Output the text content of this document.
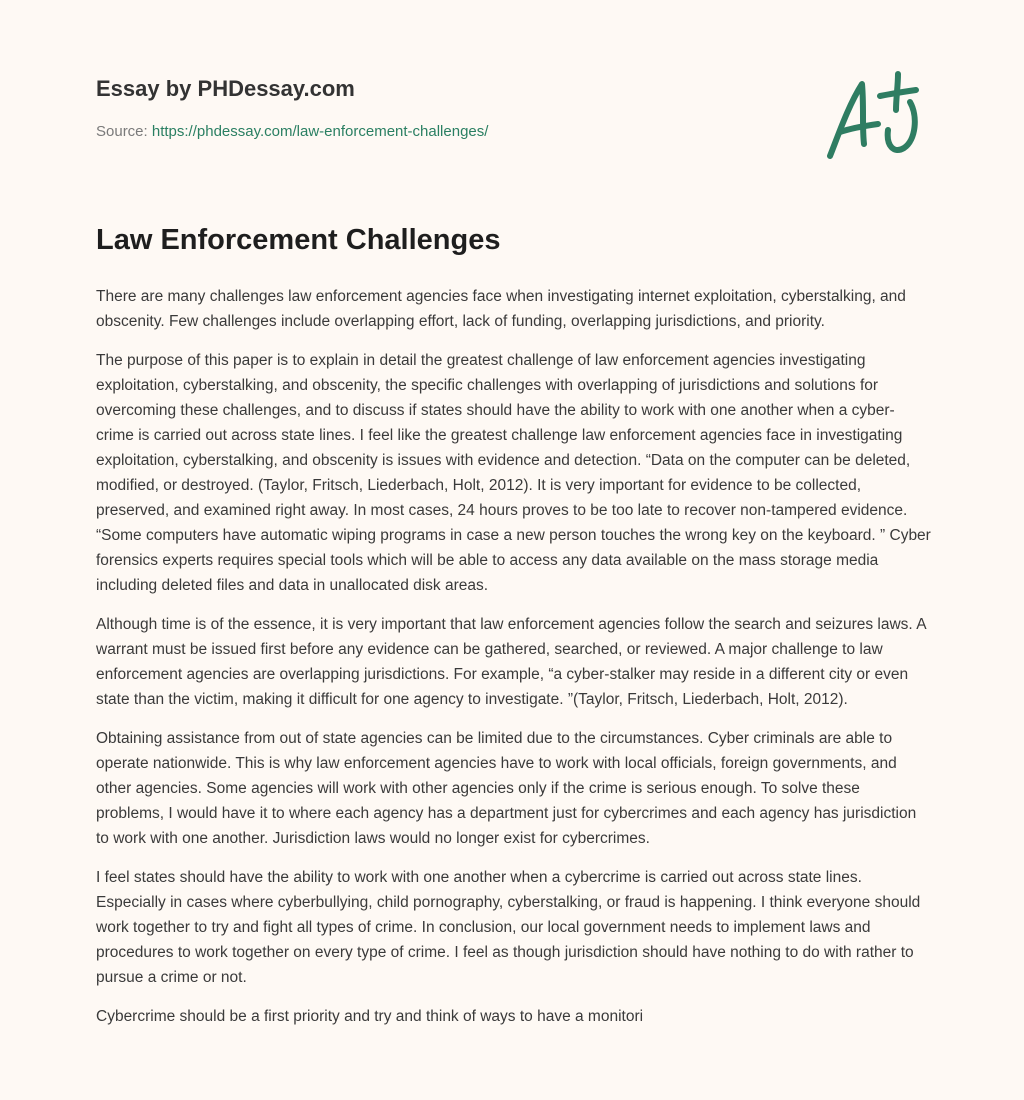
Essay by PHDessay.com
Source: https://phdessay.com/law-enforcement-challenges/
Law Enforcement Challenges

There are many challenges law enforcement agencies face when investigating internet exploitation, cyberstalking, and obscenity. Few challenges include overlapping effort, lack of funding, overlapping jurisdictions, and priority.

The purpose of this paper is to explain in detail the greatest challenge of law enforcement agencies investigating exploitation, cyberstalking, and obscenity, the specific challenges with overlapping of jurisdictions and solutions for overcoming these challenges, and to discuss if states should have the ability to work with one another when a cyber- crime is carried out across state lines. I feel like the greatest challenge law enforcement agencies face in investigating exploitation, cyberstalking, and obscenity is issues with evidence and detection. “Data on the computer can be deleted, modified, or destroyed. (Taylor, Fritsch, Liederbach, Holt, 2012). It is very important for evidence to be collected, preserved, and examined right away. In most cases, 24 hours proves to be too late to recover non-tampered evidence. “Some computers have automatic wiping programs in case a new person touches the wrong key on the keyboard. ” Cyber forensics experts requires special tools which will be able to access any data available on the mass storage media including deleted files and data in unallocated disk areas.

Although time is of the essence, it is very important that law enforcement agencies follow the search and seizures laws. A warrant must be issued first before any evidence can be gathered, searched, or reviewed. A major challenge to law enforcement agencies are overlapping jurisdictions. For example, “a cyber-stalker may reside in a different city or even state than the victim, making it difficult for one agency to investigate. ”(Taylor, Fritsch, Liederbach, Holt, 2012).

Obtaining assistance from out of state agencies can be limited due to the circumstances. Cyber criminals are able to operate nationwide. This is why law enforcement agencies have to work with local officials, foreign governments, and other agencies. Some agencies will work with other agencies only if the crime is serious enough. To solve these problems, I would have it to where each agency has a department just for cybercrimes and each agency has jurisdiction to work with one another. Jurisdiction laws would no longer exist for cybercrimes.

I feel states should have the ability to work with one another when a cybercrime is carried out across state lines. Especially in cases where cyberbullying, child pornography, cyberstalking, or fraud is happening. I think everyone should work together to try and fight all types of crime. In conclusion, our local government needs to implement laws and procedures to work together on every type of crime. I feel as though jurisdiction should have nothing to do with rather to pursue a crime or not.

Cybercrime should be a first priority and try and think of ways to have a monitori
